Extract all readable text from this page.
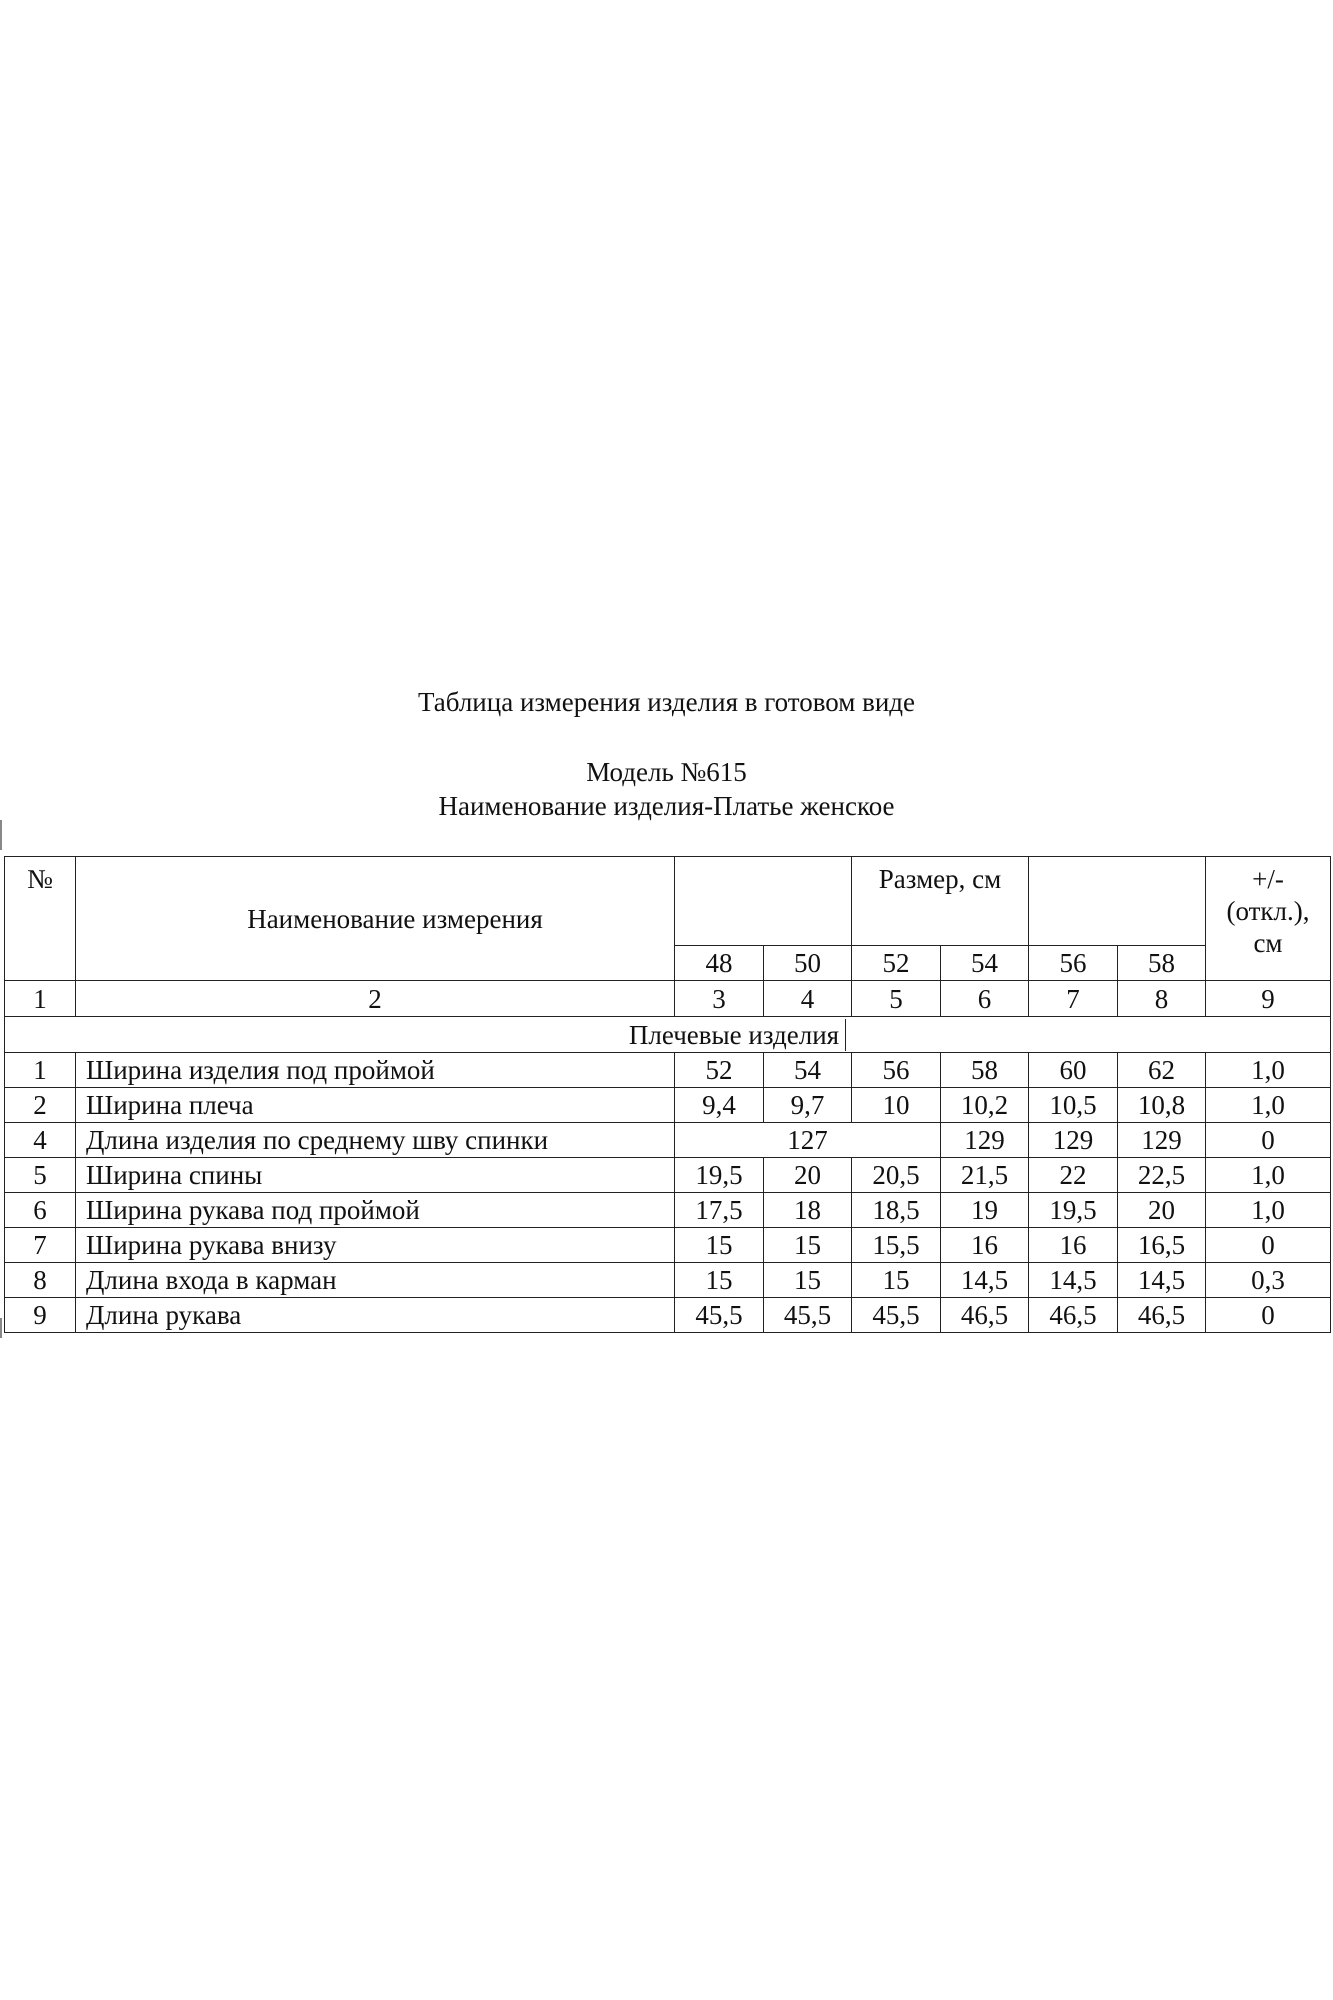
Таблица измерения изделия в готовом виде
Модель №615
Наименование изделия-Платье женское
№	Наименование измерения			Размер, см				+/-
(откл.),
см

		48	50	52	54	56	58	
1	2	3	4	5	6	7	8	9
Плечевые изделия								
1	Ширина изделия под проймой	52	54	56	58	60	62	1,0
2	Ширина плеча	9,4	9,7	10	10,2	10,5	10,8	1,0
4	Длина изделия по среднему шву спинки	127			129	129	129	0
5	Ширина спины	19,5	20	20,5	21,5	22	22,5	1,0
6	Ширина рукава под проймой	17,5	18	18,5	19	19,5	20	1,0
7	Ширина рукава внизу	15	15	15,5	16	16	16,5	0
8	Длина входа в карман	15	15	15	14,5	14,5	14,5	0,3
9	Длина рукава	45,5	45,5	45,5	46,5	46,5	46,5	0
